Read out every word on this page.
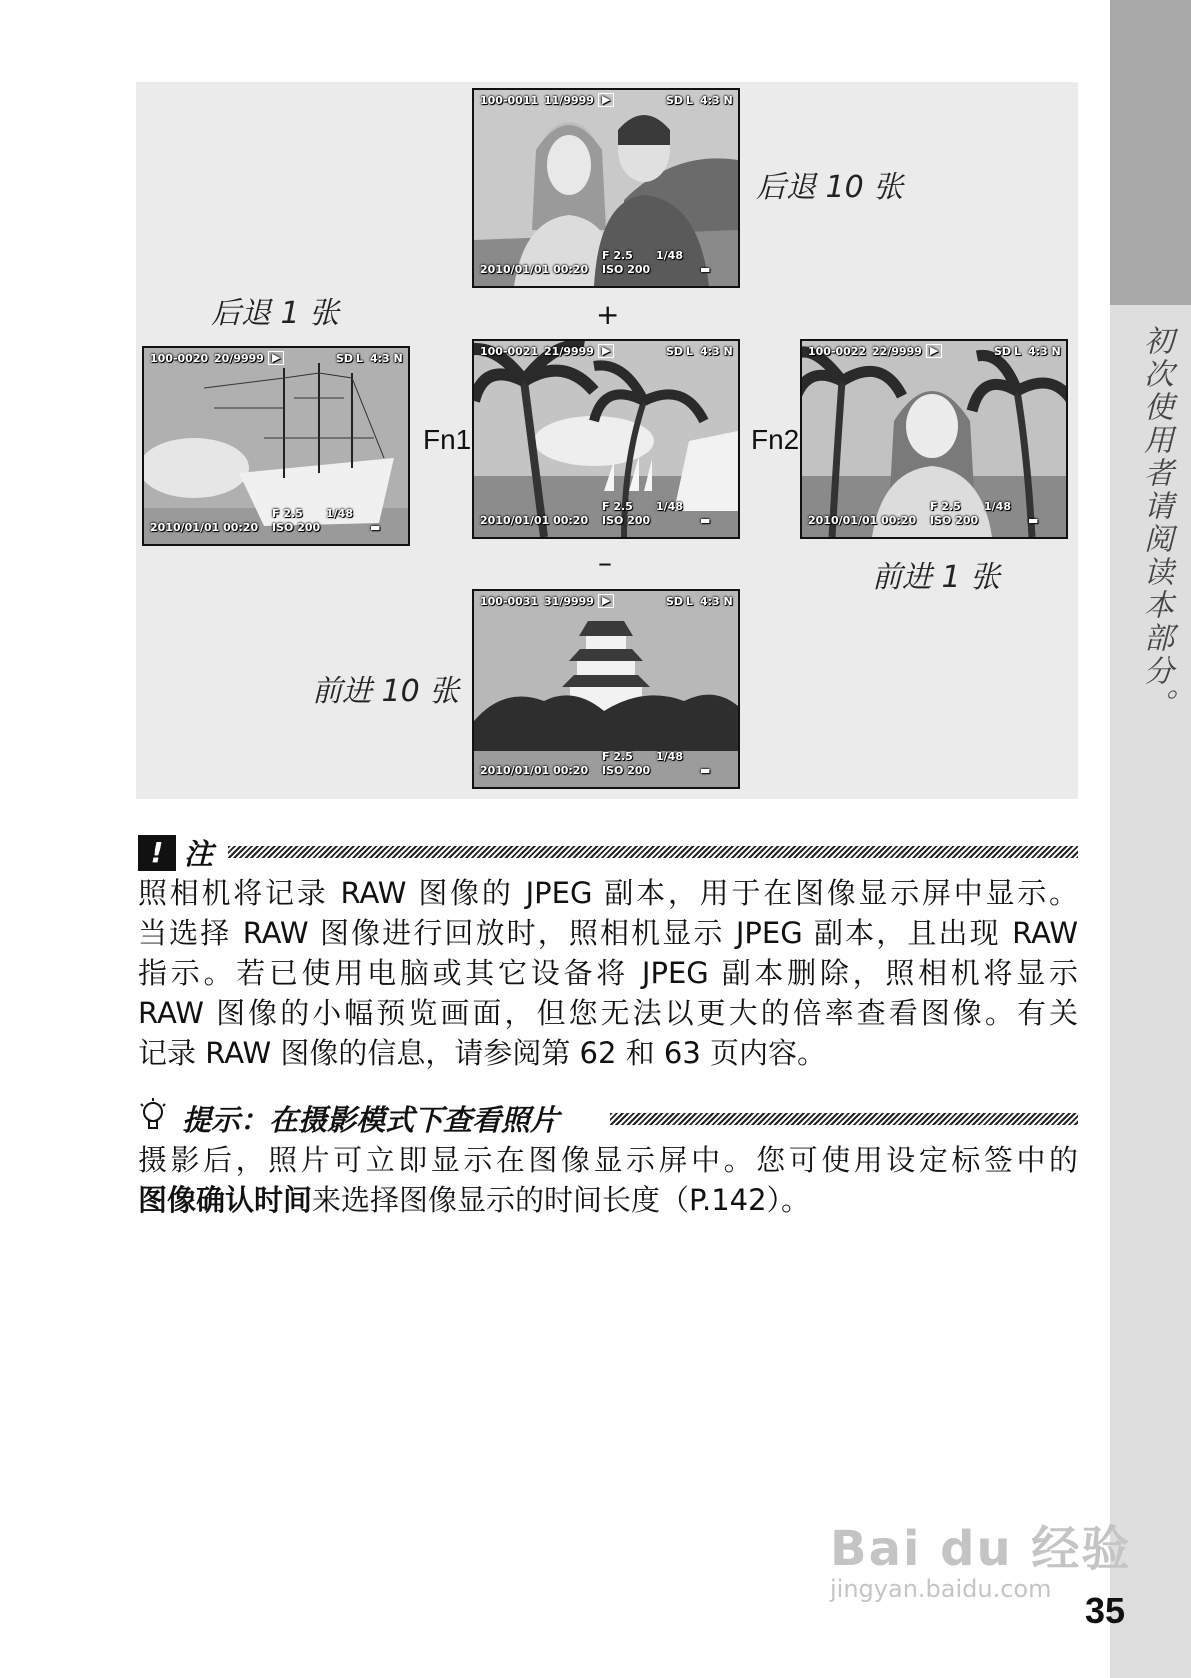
初次使用者请阅读本部分。
100-0011 11/9999 ▶	SD L 4:3 N
F 2.5 1/48
2010/01/01 00:20 ISO 200	▬
100-0020 20/9999 ▶	SD L 4:3 N
F 2.5 1/48
2010/01/01 00:20 ISO 200	▬
100-0021 21/9999 ▶	SD L 4:3 N
F 2.5 1/48
2010/01/01 00:20 ISO 200	▬
100-0022 22/9999 ▶	SD L 4:3 N
F 2.5 1/48
2010/01/01 00:20 ISO 200	▬
100-0031 31/9999 ▶	SD L 4:3 N
F 2.5 1/48
2010/01/01 00:20 ISO 200	▬
后退 10 张
后退 1 张
前进 1 张
前进 10 张
Fn1	Fn2
+
–
! 注
照相机将记录 RAW 图像的 JPEG 副本，用于在图像显示屏中显示。
当选择 RAW 图像进行回放时，照相机显示 JPEG 副本，且出现 RAW
指示。若已使用电脑或其它设备将 JPEG 副本删除，照相机将显示
RAW 图像的小幅预览画面，但您无法以更大的倍率查看图像。有关
记录 RAW 图像的信息，请参阅第 62 和 63 页内容。
提示：在摄影模式下查看照片
摄影后，照片可立即显示在图像显示屏中。您可使用设定标签中的
图像确认时间来选择图像显示的时间长度（P.142）。
Bai du 经验
jingyan.baidu.com
35
